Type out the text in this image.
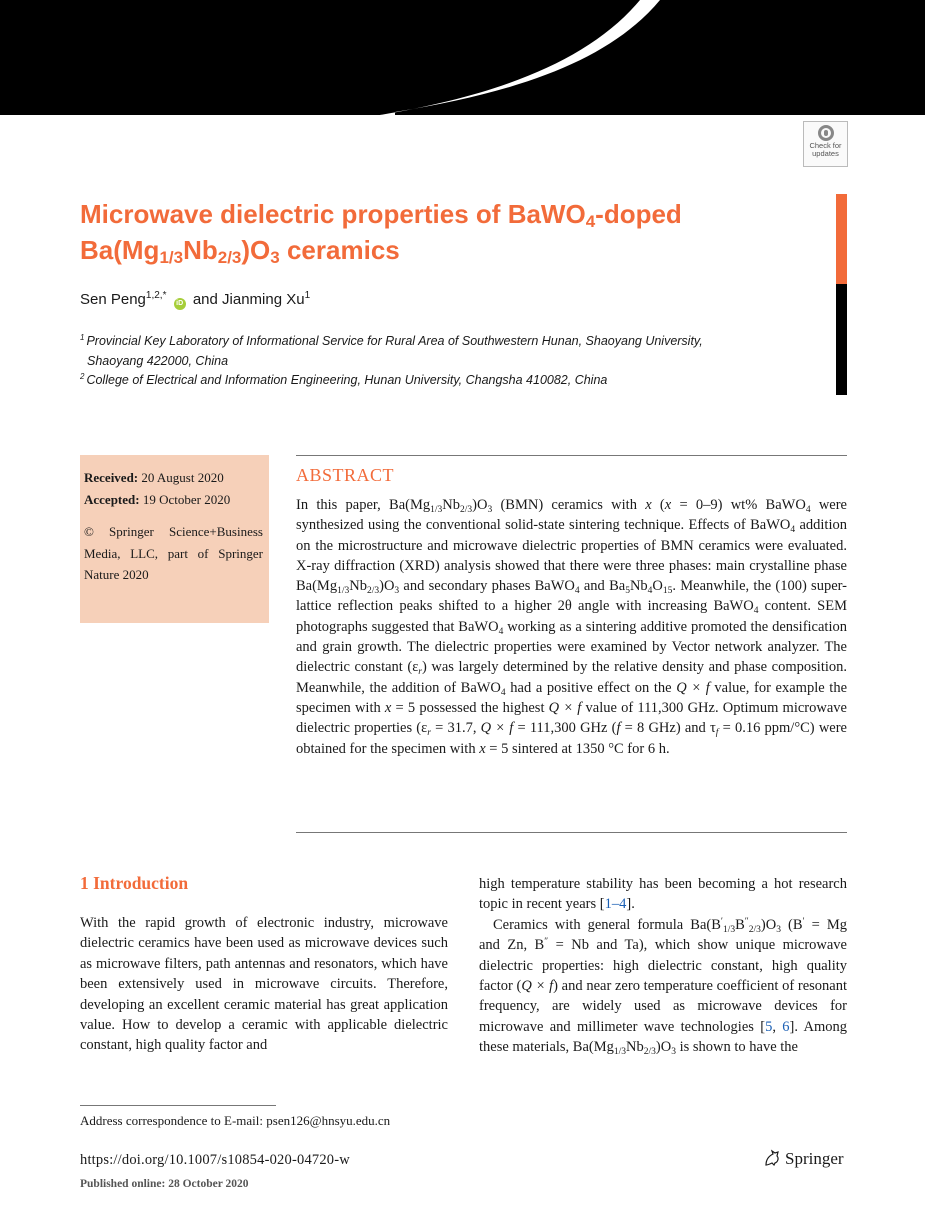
Check for
updates
Microwave dielectric properties of BaWO$_4$-doped
$Ba(Mg_{1/3}Nb_{2/3})O_3$ ceramics
Sen Peng$^{1,2,*}$ iD and Jianming Xu$^1$
$^1$ Provincial Key Laboratory of Informational Service for Rural Area of Southwestern Hunan, Shaoyang University,
Shaoyang 422000, China
$^2$ College of Electrical and Information Engineering, Hunan University, Changsha 410082, China
Received: 20 August 2020
Accepted: 19 October 2020
© Springer Science+Business Media, LLC, part of Springer Nature 2020
ABSTRACT
In this paper, $Ba(Mg_{1/3}Nb_{2/3})O_3$ (BMN) ceramics with x (x = 0–9) wt% BaWO$_4$ were synthesized using the conventional solid-state sintering technique. Effects of BaWO$_4$ addition on the microstructure and microwave dielectric properties of BMN ceramics were evaluated. X-ray diffraction (XRD) analysis showed that there were three phases: main crystalline phase $Ba(Mg_{1/3}Nb_{2/3})O_3$ and secondary phases BaWO$_4$ and $Ba_5Nb_4O_{15}$. Meanwhile, the (100) super-lattice reflection peaks shifted to a higher 2θ angle with increasing BaWO$_4$ content. SEM photographs suggested that BaWO$_4$ working as a sintering additive promoted the densification and grain growth. The dielectric properties were examined by Vector network analyzer. The dielectric constant $(\varepsilon_r)$ was largely determined by the relative density and phase composition. Meanwhile, the addition of BaWO$_4$ had a positive effect on the Q × f value, for example the specimen with x = 5 possessed the highest Q × f value of 111,300 GHz. Optimum microwave dielectric properties ($\varepsilon_r = 31.7$, Q × f = 111,300 GHz (f = 8 GHz) and $\tau_f = 0.16$ ppm/°C) were obtained for the specimen with x = 5 sintered at 1350 °C for 6 h.
1 Introduction

With the rapid growth of electronic industry, microwave dielectric ceramics have been used as microwave devices such as microwave filters, path antennas and resonators, which have been extensively used in microwave circuits. Therefore, developing an excellent ceramic material has great application value. How to develop a ceramic with applicable dielectric constant, high quality factor and

high temperature stability has been becoming a hot research topic in recent years [1–4].

Ceramics with general formula $Ba(B'_{1/3}B''_{2/3})O_3$ (B′ = Mg and Zn, B″ = Nb and Ta), which show unique microwave dielectric properties: high dielectric constant, high quality factor (Q × f) and near zero temperature coefficient of resonant frequency, are widely used as microwave devices for microwave and millimeter wave technologies [5, 6]. Among these materials, $Ba(Mg_{1/3}Nb_{2/3})O_3$ is shown to have the

Address correspondence to E-mail: psen126@hnsyu.edu.cn
https://doi.org/10.1007/s10854-020-04720-w
Published online: 28 October 2020
Springer
